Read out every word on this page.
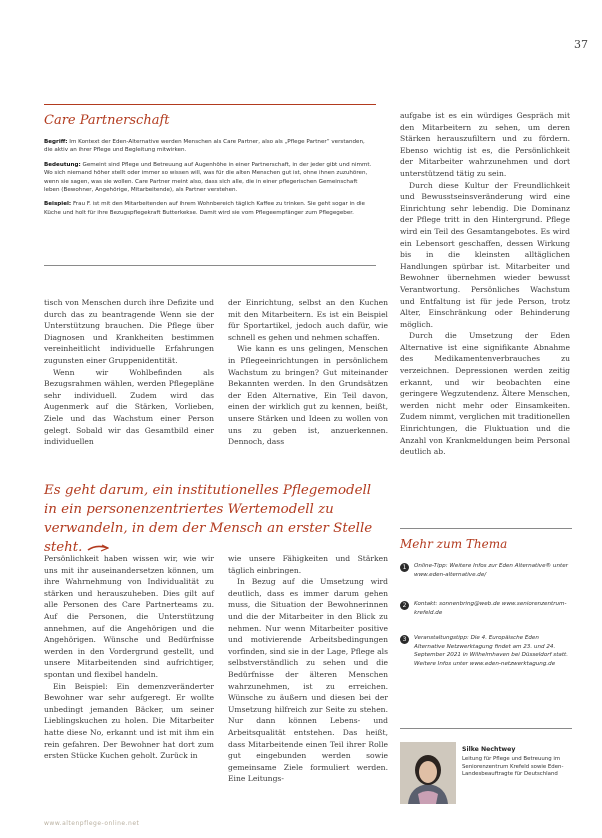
37
Care Partnerschaft

Begriff: Im Kontext der Eden-Alternative werden Menschen als Care Partner, also als „Pflege Partner“ verstanden, die aktiv an ihrer Pflege und Begleitung mitwirken.

Bedeutung: Gemeint sind Pflege und Betreuung auf Augenhöhe in einer Partnerschaft, in der jeder gibt und nimmt. Wo sich niemand höher stellt oder immer so wissen will, was für die alten Menschen gut ist, ohne ihnen zuzuhören, wenn sie sagen, was sie wollen. Care Partner meint also, dass sich alle, die in einer pflegerischen Gemeinschaft leben (Bewohner, Angehörige, Mitarbeitende), als Partner verstehen.

Beispiel: Frau F. ist mit den Mitarbeitenden auf ihrem Wohnbereich täglich Kaffee zu trinken. Sie geht sogar in die Küche und holt für ihre Bezugspflegekraft Butterkekse. Damit wird sie vom Pflegeempfänger zum Pflegegeber.

tisch von Menschen durch ihre Defizite und durch das zu beantragende Wenn sie der Unterstützung brauchen. Die Pflege über Diagnosen und Krankheiten bestimmen vereinheitlicht individuelle Erfahrungen zugunsten einer Gruppenidentität.

Wenn wir Wohlbefinden als Bezugsrahmen wählen, werden Pflegepläne sehr individuell. Zudem wird das Augenmerk auf die Stärken, Vorlieben, Ziele und das Wachstum einer Person gelegt. Sobald wir das Gesamtbild einer individuellen

der Einrichtung, selbst an den Kuchen mit den Mitarbeitern. Es ist ein Beispiel für Sportartikel, jedoch auch dafür, wie schnell es gehen und nehmen schaffen.

Wie kann es uns gelingen, Menschen in Pflegeeinrichtungen in persönlichem Wachstum zu bringen? Gut miteinander Bekannten werden. In den Grundsätzen der Eden Alternative, Ein Teil davon, einen der wirklich gut zu kennen, beißt, unsere Stärken und Ideen zu wollen von uns zu geben ist, anzuerkennen. Dennoch, dass

aufgabe ist es ein würdiges Gespräch mit den Mitarbeitern zu sehen, um deren Stärken herauszufiltern und zu fördern. Ebenso wichtig ist es, die Persönlichkeit der Mitarbeiter wahrzunehmen und dort unterstützend tätig zu sein.

Durch diese Kultur der Freundlichkeit und Bewusstseinsveränderung wird eine Einrichtung sehr lebendig. Die Dominanz der Pflege tritt in den Hintergrund. Pflege wird ein Teil des Gesamtangebotes. Es wird ein Lebensort geschaffen, dessen Wirkung bis in die kleinsten alltäglichen Handlungen spürbar ist. Mitarbeiter und Bewohner übernehmen wieder bewusst Verantwortung. Persönliches Wachstum und Entfaltung ist für jede Person, trotz Alter, Einschränkung oder Behinderung möglich.

Durch die Umsetzung der Eden Alternative ist eine signifikante Abnahme des Medikamentenverbrauches zu verzeichnen. Depressionen werden zeitig erkannt, und wir beobachten eine geringere Wegzutendenz. Ältere Menschen, werden nicht mehr oder Einsamkeiten. Zudem nimmt, verglichen mit traditionellen Einrichtungen, die Fluktuation und die Anzahl von Krankmeldungen beim Personal deutlich ab.

Es geht darum, ein institutionelles Pflegemodell in ein personenzentriertes Wertemodell zu verwandeln, in dem der Mensch an erster Stelle steht.

Persönlichkeit haben wissen wir, wie wir uns mit ihr auseinandersetzen können, um ihre Wahrnehmung von Individualität zu stärken und herauszuheben. Dies gilt auf alle Personen des Care Partnerteams zu. Auf die Personen, die Unterstützung annehmen, auf die Angehörigen und die Angehörigen. Wünsche und Bedürfnisse werden in den Vordergrund gestellt, und unsere Mitarbeitenden sind aufrichtiger, spontan und flexibel handeln.

Ein Beispiel: Ein demenzveränderter Bewohner war sehr aufgeregt. Er wollte unbedingt jemanden Bäcker, um seiner Lieblingskuchen zu holen. Die Mitarbeiter hatte diese No, erkannt und ist mit ihm ein rein gefahren. Der Bewohner hat dort zum ersten Stücke Kuchen geholt. Zurück in

wie unsere Fähigkeiten und Stärken täglich einbringen.

In Bezug auf die Umsetzung wird deutlich, dass es immer darum gehen muss, die Situation der Bewohnerinnen und die der Mitarbeiter in den Blick zu nehmen. Nur wenn Mitarbeiter positive und motivierende Arbeitsbedingungen vorfinden, sind sie in der Lage, Pflege als selbstverständlich zu sehen und die Bedürfnisse der älteren Menschen wahrzunehmen, ist zu erreichen. Wünsche zu äußern und diesen bei der Umsetzung hilfreich zur Seite zu stehen. Nur dann können Lebens- und Arbeitsqualität entstehen. Das heißt, dass Mitarbeitende einen Teil ihrer Rolle gut eingebunden werden sowie gemeinsame Ziele formuliert werden. Eine Leitungs-

Mehr zum Thema
1	Online-Tipp: Weitere Infos zur Eden Alternative® unter www.eden-alternative.de/
2	Kontakt: sonnenbring@web.de www.seniorenzentrum-krefeld.de
3	Veranstaltungstipp: Die 4. Europäische Eden Alternative Netzwerktagung findet am 23. und 24. September 2021 in Wilhelmhaven bei Düsseldorf statt. Weitere Infos unter www.eden-netzwerktagung.de
Silke Nechtwey
Leitung für Pflege und Betreuung im Seniorenzentrum Krefeld sowie Eden-Landesbeauftragte für Deutschland
www.altenpflege-online.net
